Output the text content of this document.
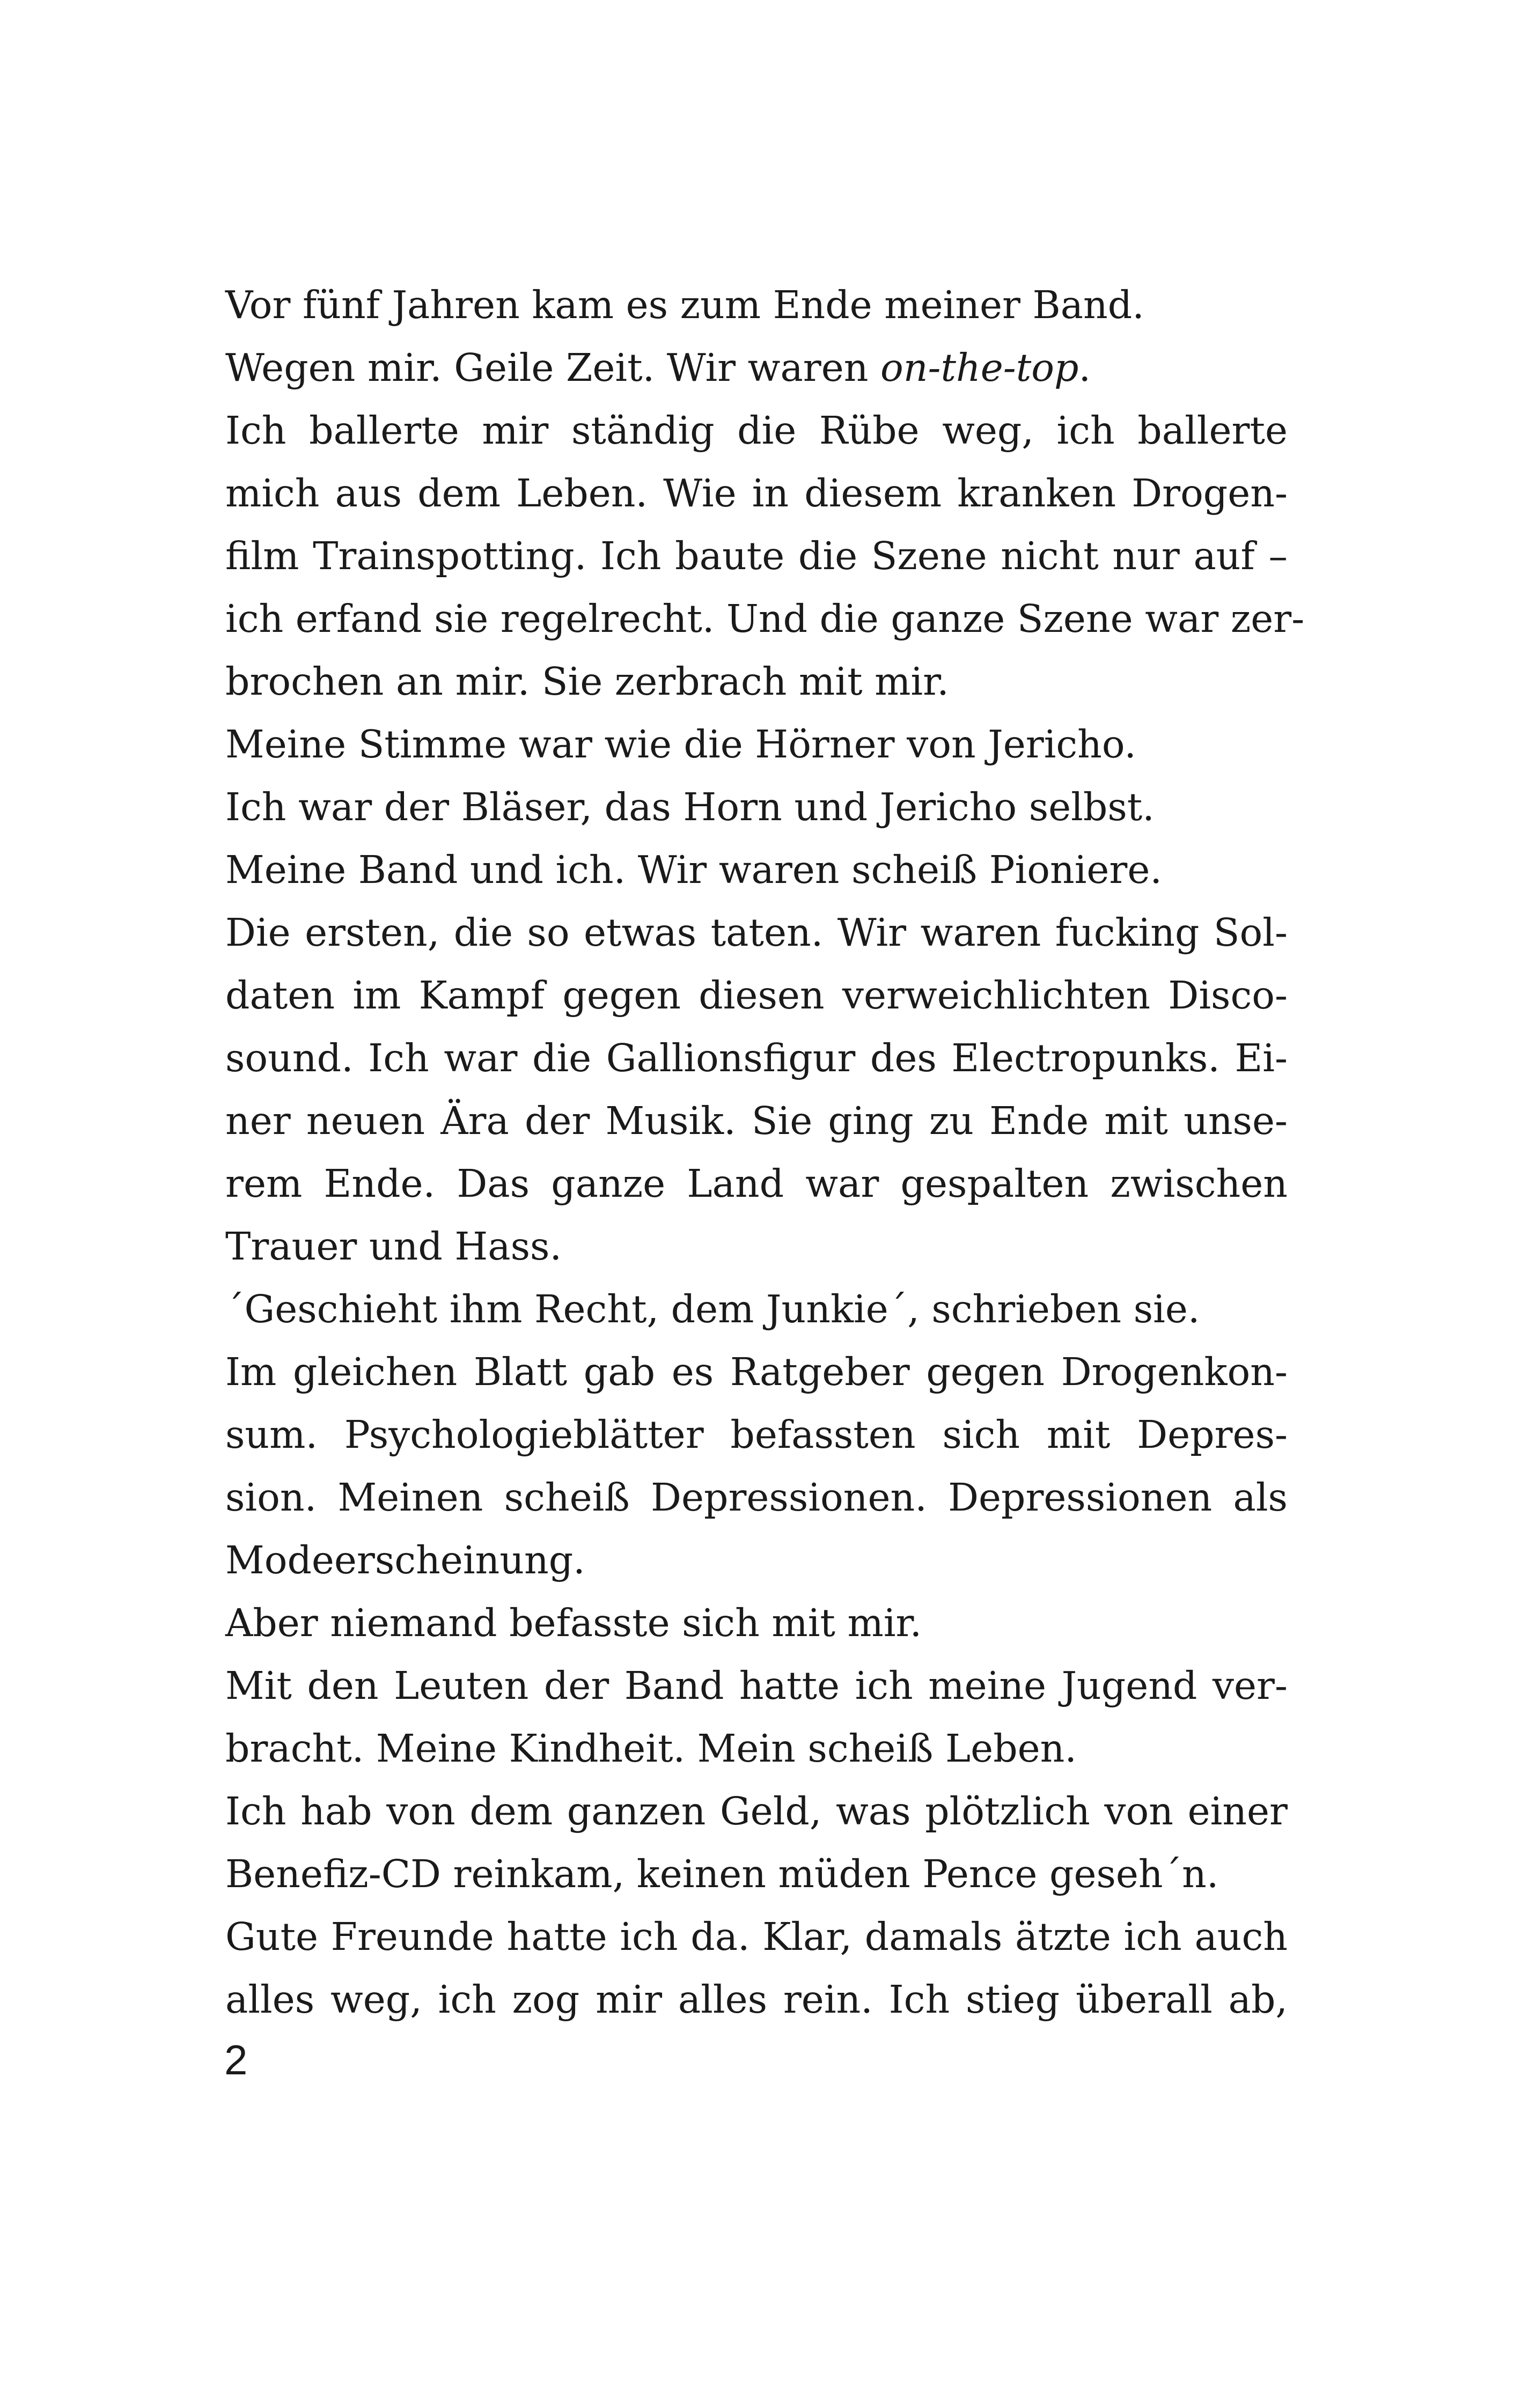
Vor fünf Jahren kam es zum Ende meiner Band.
Wegen mir. Geile Zeit. Wir waren on-the-top.
Ich ballerte mir ständig die Rübe weg, ich ballerte
mich aus dem Leben. Wie in diesem kranken Drogen-
film Trainspotting. Ich baute die Szene nicht nur auf –
ich erfand sie regelrecht. Und die ganze Szene war zer-
brochen an mir. Sie zerbrach mit mir.
Meine Stimme war wie die Hörner von Jericho.
Ich war der Bläser, das Horn und Jericho selbst.
Meine Band und ich. Wir waren scheiß Pioniere.
Die ersten, die so etwas taten. Wir waren fucking Sol-
daten im Kampf gegen diesen verweichlichten Disco-
sound. Ich war die Gallionsfigur des Electropunks. Ei-
ner neuen Ära der Musik. Sie ging zu Ende mit unse-
rem Ende. Das ganze Land war gespalten zwischen
Trauer und Hass.
´Geschieht ihm Recht, dem Junkie´, schrieben sie.
Im gleichen Blatt gab es Ratgeber gegen Drogenkon-
sum. Psychologieblätter befassten sich mit Depres-
sion. Meinen scheiß Depressionen. Depressionen als
Modeerscheinung.
Aber niemand befasste sich mit mir.
Mit den Leuten der Band hatte ich meine Jugend ver-
bracht. Meine Kindheit. Mein scheiß Leben.
Ich hab von dem ganzen Geld, was plötzlich von einer
Benefiz-CD reinkam, keinen müden Pence geseh´n.
Gute Freunde hatte ich da. Klar, damals ätzte ich auch
alles weg, ich zog mir alles rein. Ich stieg überall ab,
2
